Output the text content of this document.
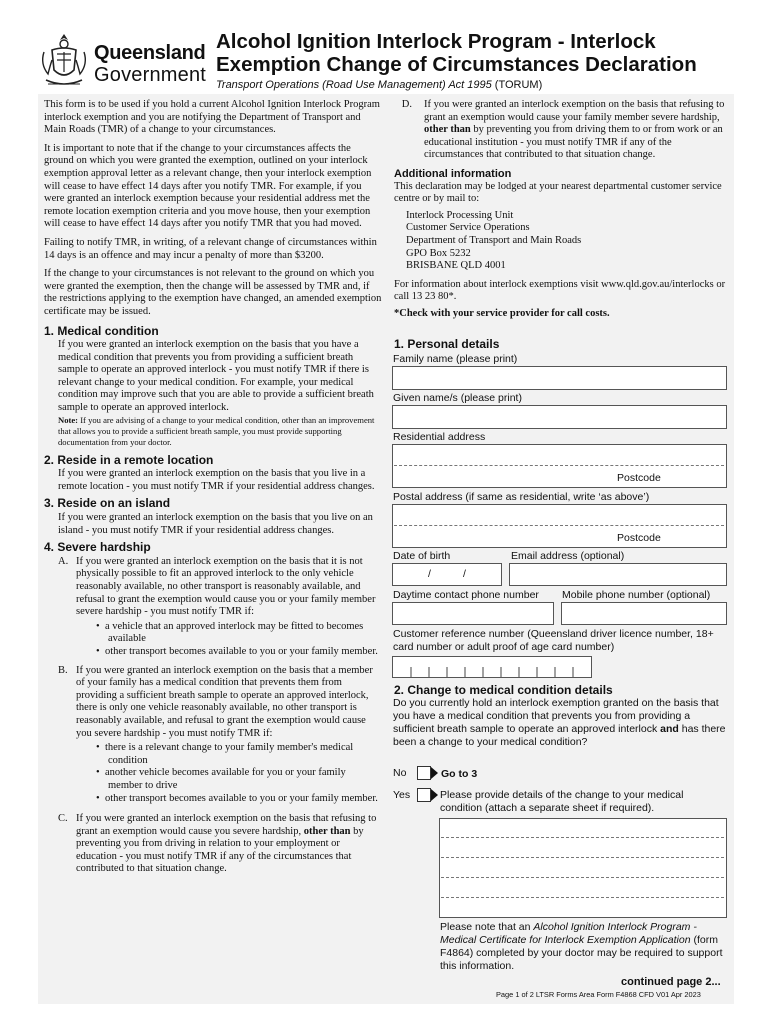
Queensland
Government
Alcohol Ignition Interlock Program - Interlock
Exemption Change of Circumstances Declaration
Transport Operations (Road Use Management) Act 1995 (TORUM)

This form is to be used if you hold a current Alcohol Ignition Interlock Program interlock exemption and you are notifying the Department of Transport and Main Roads (TMR) of a change to your circumstances.

It is important to note that if the change to your circumstances affects the ground on which you were granted the exemption, outlined on your interlock exemption approval letter as a relevant change, then your interlock exemption will cease to have effect 14 days after you notify TMR. For example, if you were granted an interlock exemption because your residential address met the remote location exemption criteria and you move house, then your exemption will cease to have effect 14 days after you notify TMR that you had moved.

Failing to notify TMR, in writing, of a relevant change of circumstances within 14 days is an offence and may incur a penalty of more than $3200.

If the change to your circumstances is not relevant to the ground on which you were granted the exemption, then the change will be assessed by TMR and, if the restrictions applying to the exemption have changed, an amended exemption certificate may be issued.

1. Medical condition

If you were granted an interlock exemption on the basis that you have a medical condition that prevents you from providing a sufficient breath sample to operate an approved interlock - you must notify TMR if there is relevant change to your medical condition. For example, your medical condition may improve such that you are able to provide a sufficient breath sample to operate an approved interlock.

Note: If you are advising of a change to your medical condition, other than an improvement that allows you to provide a sufficient breath sample, you must provide supporting documentation from your doctor.

2. Reside in a remote location

If you were granted an interlock exemption on the basis that you live in a remote location - you must notify TMR if your residential address changes.

3. Reside on an island

If you were granted an interlock exemption on the basis that you live on an island - you must notify TMR if your residential address changes.

4. Severe hardship
A. If you were granted an interlock exemption on the basis that it is not physically possible to fit an approved interlock to the only vehicle reasonably available, no other transport is reasonably available, and refusal to grant the exemption would cause you or your family member severe hardship - you must notify TMR if:
•  a vehicle that an approved interlock may be fitted to becomes available
•  other transport becomes available to you or your family member.
B. If you were granted an interlock exemption on the basis that a member of your family has a medical condition that prevents them from providing a sufficient breath sample to operate an approved interlock, there is only one vehicle reasonably available, no other transport is reasonably available, and refusal to grant the exemption would cause you severe hardship - you must notify TMR if:
•  there is a relevant change to your family member's medical condition
•  another vehicle becomes available for you or your family member to drive
•  other transport becomes available to you or your family member.
C. If you were granted an interlock exemption on the basis that refusing to grant an exemption would cause you severe hardship, other than by preventing you from driving in relation to your employment or education - you must notify TMR if any of the circumstances that contributed to that situation change.
D. If you were granted an interlock exemption on the basis that refusing to grant an exemption would cause your family member severe hardship, other than by preventing you from driving them to or from work or an educational institution - you must notify TMR if any of the circumstances that contributed to that situation change.
Additional information

This declaration may be lodged at your nearest departmental customer service centre or by mail to:

Interlock Processing Unit
Customer Service Operations
Department of Transport and Main Roads
GPO Box 5232
BRISBANE QLD 4001

For information about interlock exemptions visit www.qld.gov.au/interlocks or call 13 23 80*.

*Check with your service provider for call costs.

1. Personal details
Family name (please print)
Given name/s (please print)
Residential address
Postcode
Postal address (if same as residential, write ‘as above’)
Postcode
Date of birth
/	/
Email address (optional)
Daytime contact phone number Mobile phone number (optional)
Customer reference number (Queensland driver licence number, 18+ card number or adult proof of age card number)
2. Change to medical condition details
Do you currently hold an interlock exemption granted on the basis that you have a medical condition that prevents you from providing a sufficient breath sample to operate an approved interlock and has there been a change to your medical condition?
No	Go to 3
Yes	Please provide details of the change to your medical condition (attach a separate sheet if required).
Please note that an Alcohol Ignition Interlock Program - Medical Certificate for Interlock Exemption Application (form F4864) completed by your doctor may be required to support this information.
continued page 2...
Page 1 of 2 LTSR Forms Area Form F4868 CFD V01 Apr 2023
